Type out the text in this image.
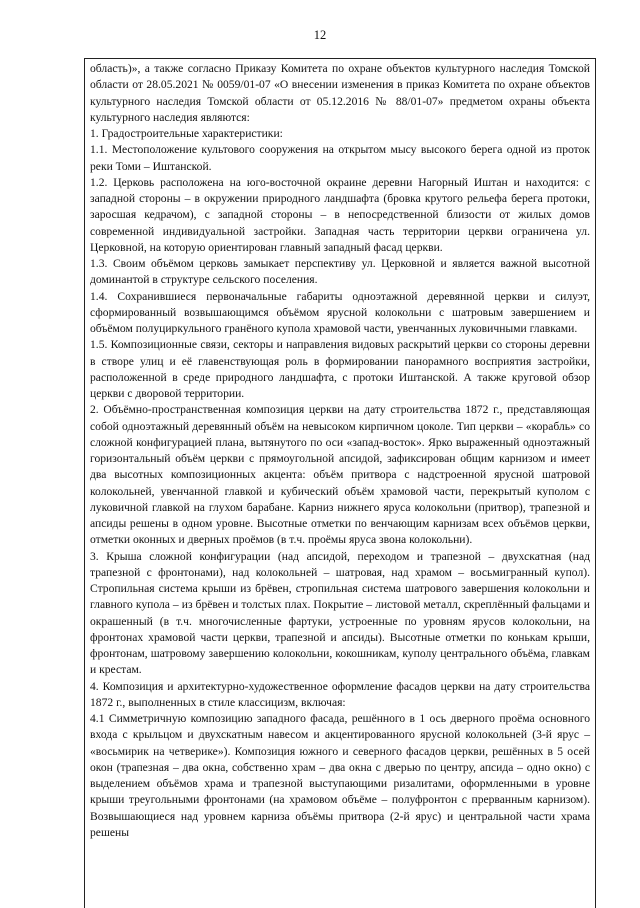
12

область)», а также согласно Приказу Комитета по охране объектов культурного наследия Томской области от 28.05.2021 № 0059/01-07 «О внесении изменения в приказ Комитета по охране объектов культурного наследия Томской области от 05.12.2016 № 88/01-07» предметом охраны объекта культурного наследия являются:

1. Градостроительные характеристики:

1.1. Местоположение культового сооружения на открытом мысу высокого берега одной из проток реки Томи – Иштанской.

1.2. Церковь расположена на юго-восточной окраине деревни Нагорный Иштан и находится: с западной стороны – в окружении природного ландшафта (бровка крутого рельефа берега протоки, заросшая кедрачом), с западной стороны – в непосредственной близости от жилых домов современной индивидуальной застройки. Западная часть территории церкви ограничена ул. Церковной, на которую ориентирован главный западный фасад церкви.

1.3. Своим объёмом церковь замыкает перспективу ул. Церковной и является важной высотной доминантой в структуре сельского поселения.

1.4. Сохранившиеся первоначальные габариты одноэтажной деревянной церкви и силуэт, сформированный возвышающимся объёмом ярусной колокольни с шатровым завершением и объёмом полуциркульного гранёного купола храмовой части, увенчанных луковичными главками.

1.5. Композиционные связи, секторы и направления видовых раскрытий церкви со стороны деревни в створе улиц и её главенствующая роль в формировании панорамного восприятия застройки, расположенной в среде природного ландшафта, с протоки Иштанской. А также круговой обзор церкви с дворовой территории.

2. Объёмно-пространственная композиция церкви на дату строительства 1872 г., представляющая собой одноэтажный деревянный объём на невысоком кирпичном цоколе. Тип церкви – «корабль» со сложной конфигурацией плана, вытянутого по оси «запад-восток». Ярко выраженный одноэтажный горизонтальный объём церкви с прямоугольной апсидой, зафиксирован общим карнизом и имеет два высотных композиционных акцента: объём притвора с надстроенной ярусной шатровой колокольней, увенчанной главкой и кубический объём храмовой части, перекрытый куполом с луковичной главкой на глухом барабане. Карниз нижнего яруса колокольни (притвор), трапезной и апсиды решены в одном уровне. Высотные отметки по венчающим карнизам всех объёмов церкви, отметки оконных и дверных проёмов (в т.ч. проёмы яруса звона колокольни).

3. Крыша сложной конфигурации (над апсидой, переходом и трапезной – двухскатная (над трапезной с фронтонами), над колокольней – шатровая, над храмом – восьмигранный купол). Стропильная система крыши из брёвен, стропильная система шатрового завершения колокольни и главного купола – из брёвен и толстых плах. Покрытие – листовой металл, скреплённый фальцами и окрашенный (в т.ч. многочисленные фартуки, устроенные по уровням ярусов колокольни, на фронтонах храмовой части церкви, трапезной и апсиды). Высотные отметки по конькам крыши, фронтонам, шатровому завершению колокольни, кокошникам, куполу центрального объёма, главкам и крестам.

4. Композиция и архитектурно-художественное оформление фасадов церкви на дату строительства 1872 г., выполненных в стиле классицизм, включая:

4.1 Симметричную композицию западного фасада, решённого в 1 ось дверного проёма основного входа с крыльцом и двухскатным навесом и акцентированного ярусной колокольней (3-й ярус – «восьмирик на четверике»). Композиция южного и северного фасадов церкви, решённых в 5 осей окон (трапезная – два окна, собственно храм – два окна с дверью по центру, апсида – одно окно) с выделением объёмов храма и трапезной выступающими ризалитами, оформленными в уровне крыши треугольными фронтонами (на храмовом объёме – полуфронтон с прерванным карнизом). Возвышающиеся над уровнем карниза объёмы притвора (2-й ярус) и центральной части храма решены
